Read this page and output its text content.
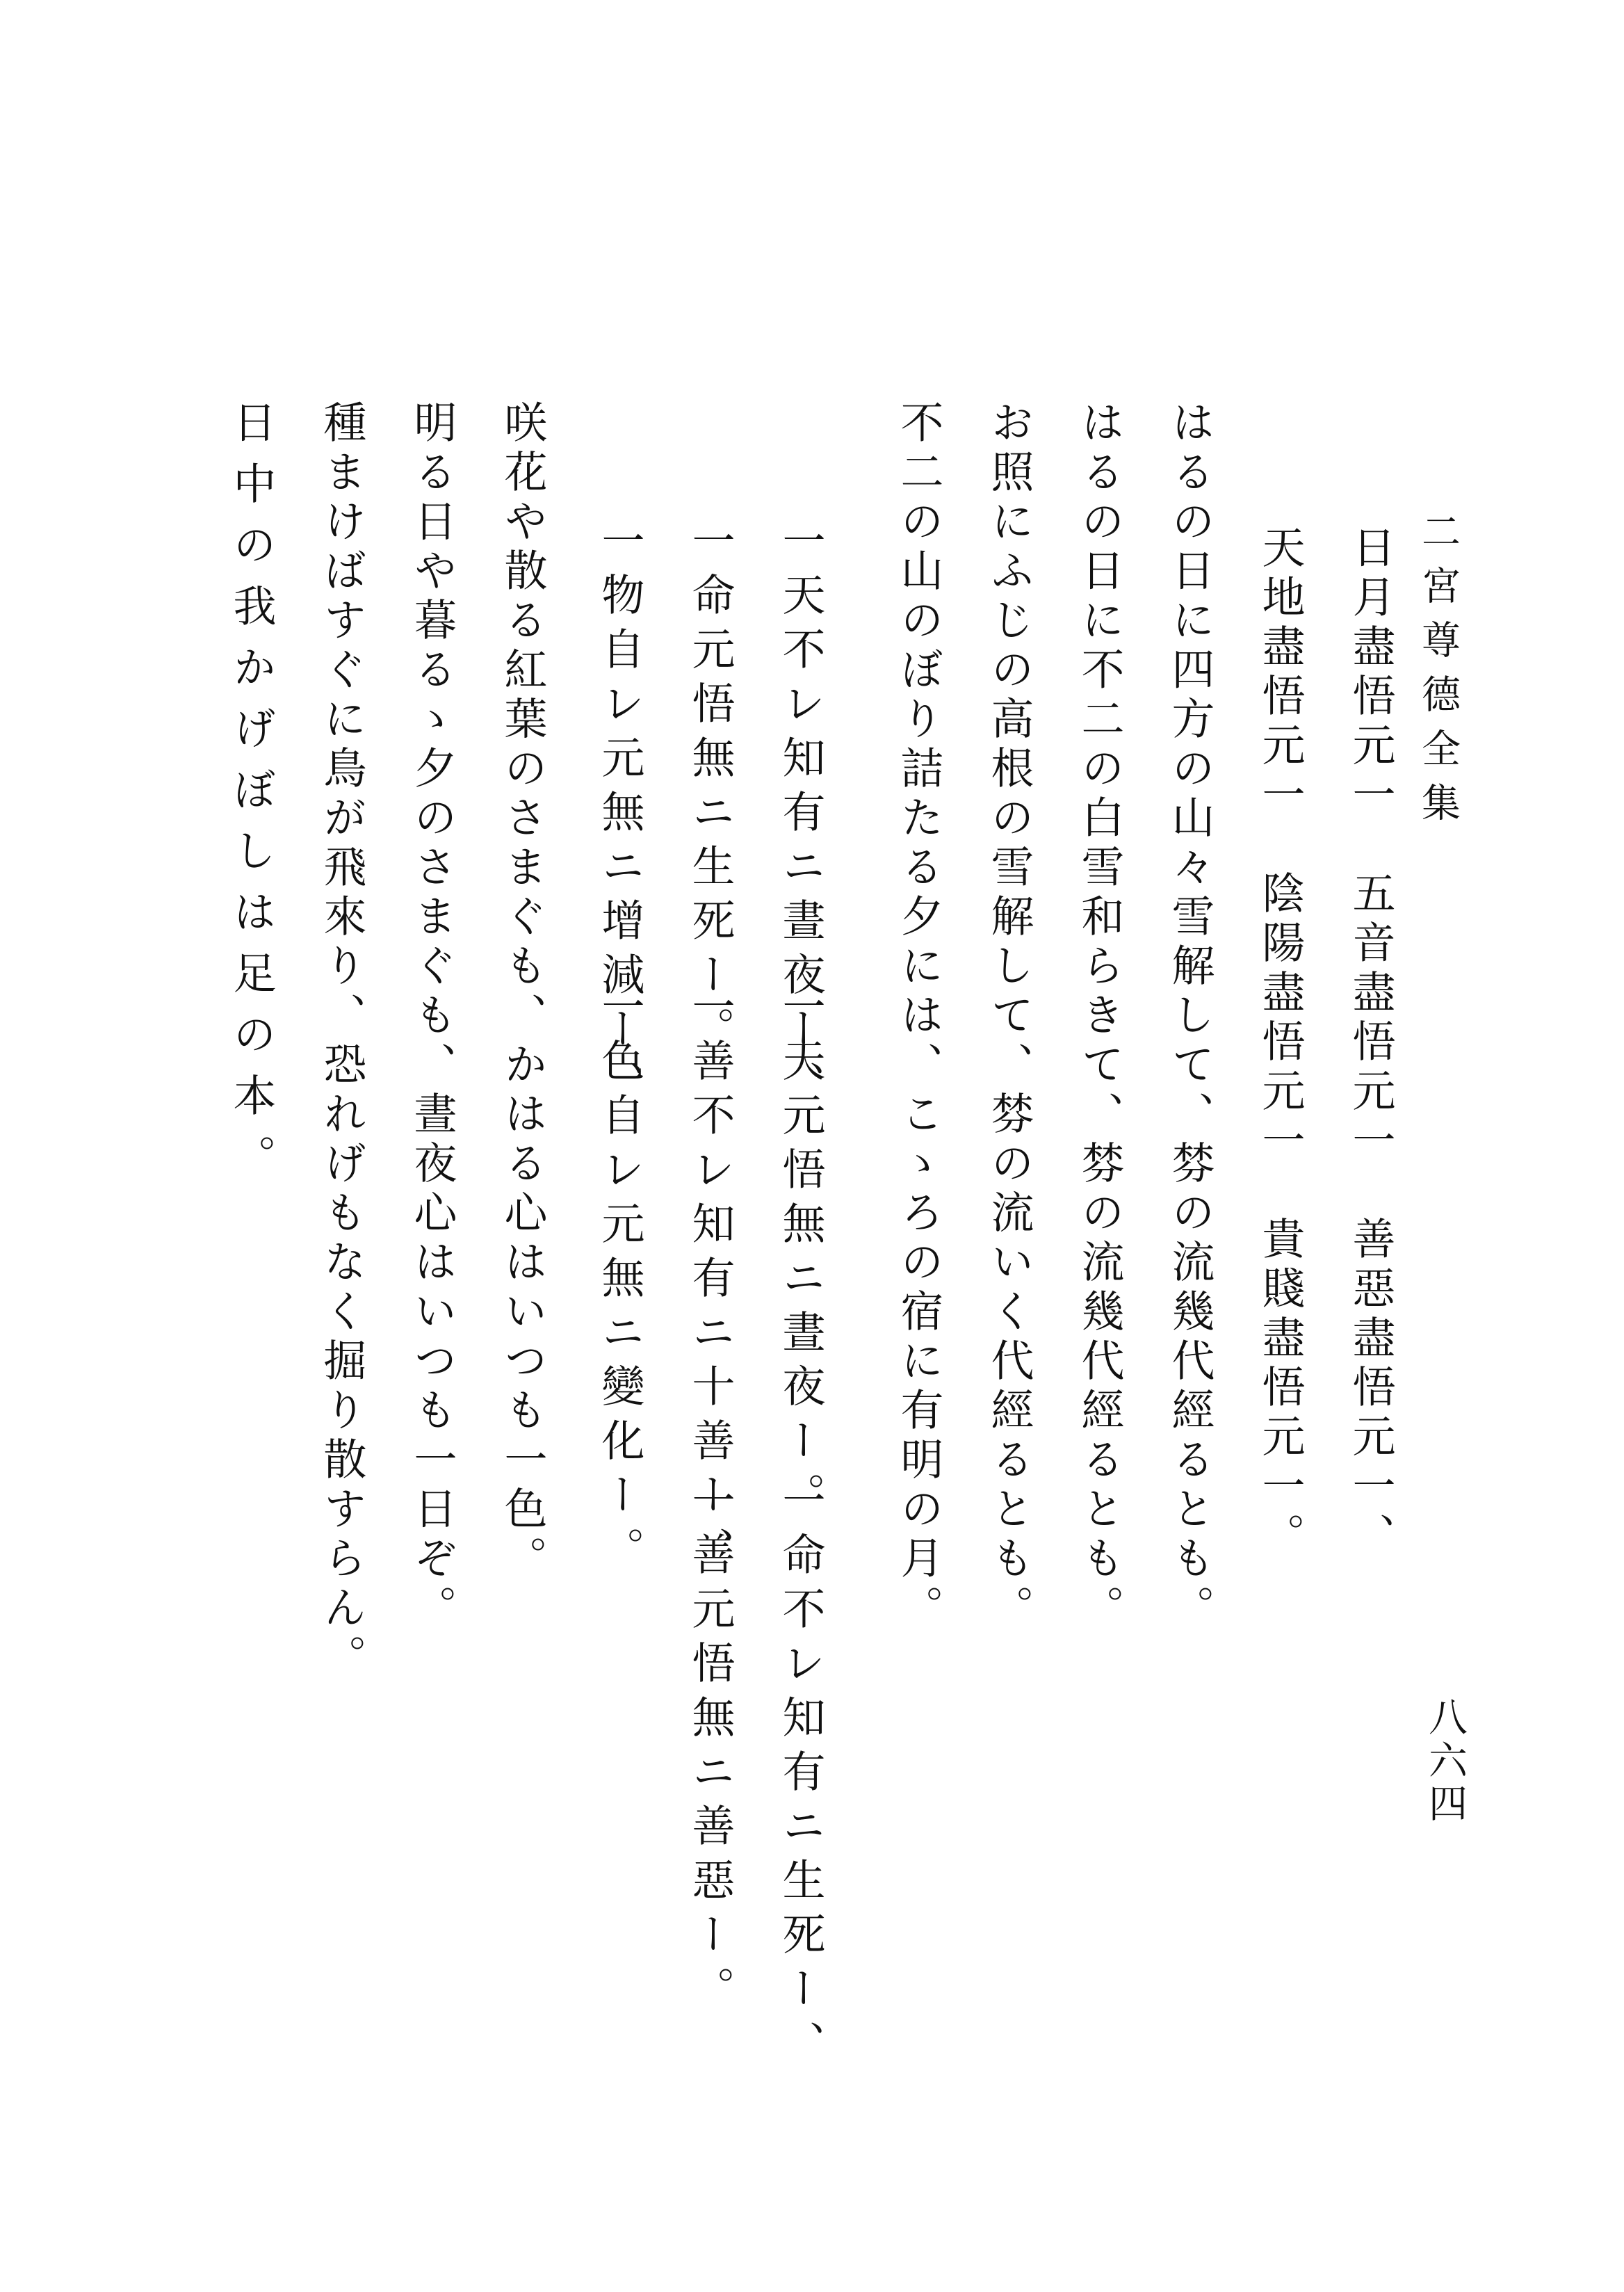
二宮尊德全集
八六四
日月盡悟元一　五音盡悟元一　善惡盡悟元一、
天地盡悟元一　陰陽盡悟元一　貴賤盡悟元一。
はるの日に四方の山々雪解して、棼の流幾代經るとも。
はるの日に不二の白雪和らきて、棼の流幾代經るとも。
お照にふじの高根の雪解して、棼の流いく代經るとも。
不二の山のぼり詰たる夕には、こゝろの宿に有明の月。
一天不レ知有ニ晝夜ー、
一天元悟無ニ晝夜ー。
一命不レ知有ニ生死ー、
一命元悟無ニ生死ー。
一善不レ知有ニ十善ー、
一善元悟無ニ善惡ー。
一物自レ元無ニ增減ー、
一色自レ元無ニ變化ー。
咲花や散る紅葉のさまぐも、かはる心はいつも一色。
明る日や暮るゝ夕のさまぐも、晝夜心はいつも一日ぞ。
種まけばすぐに鳥が飛來り、恐れげもなく掘り散すらん。
日中の我かげぼしは足の本。
